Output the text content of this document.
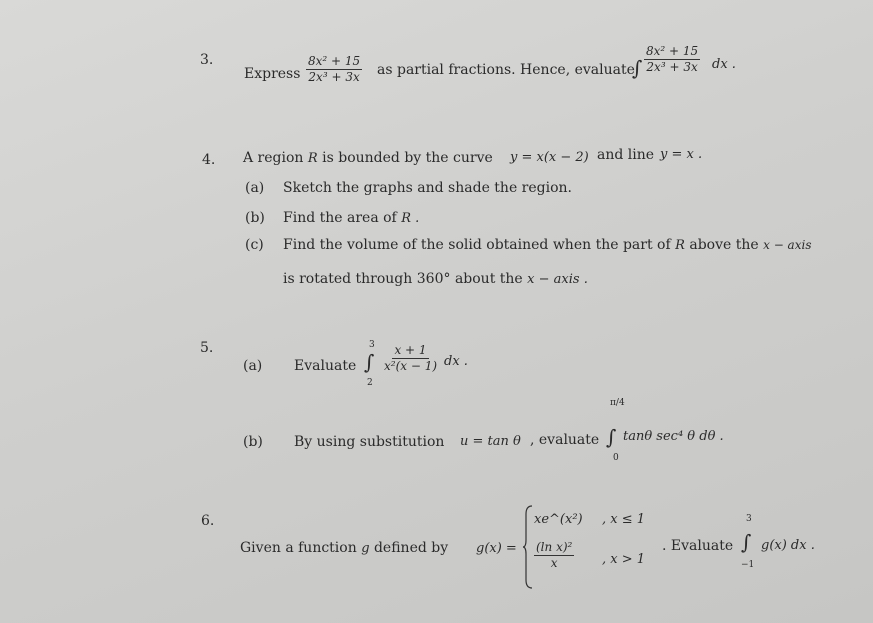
3.
Express $\frac{\text{8x² + 15}}{\text{2x³ + 3x}}$ as partial fractions. Hence, evaluate
∫ $\frac{\text{8x² + 15}}{\text{2x³ + 3x}}$ dx .
4. A region R is bounded by the curve y = x(x − 2) and line y = x .
(a) Sketch the graphs and shade the region.
(b) Find the area of R .
(c) Find the volume of the solid obtained when the part of R above the x − axis
is rotated through 360° about the x − axis .
5.
(a) Evaluate
3
∫
2
$\frac{x + 1}{\text{x²(x − 1)}}$ dx .
(b) By using substitution u = tan θ , evaluate
π/4
∫
0
tanθ sec⁴ θ dθ .
6.
Given a function g defined by g(x) =
xe^(x²) , x ≤ 1
$\frac{\text{(ln x)²}}{x}$ , x > 1
. Evaluate
3
∫
−1
g(x) dx .
